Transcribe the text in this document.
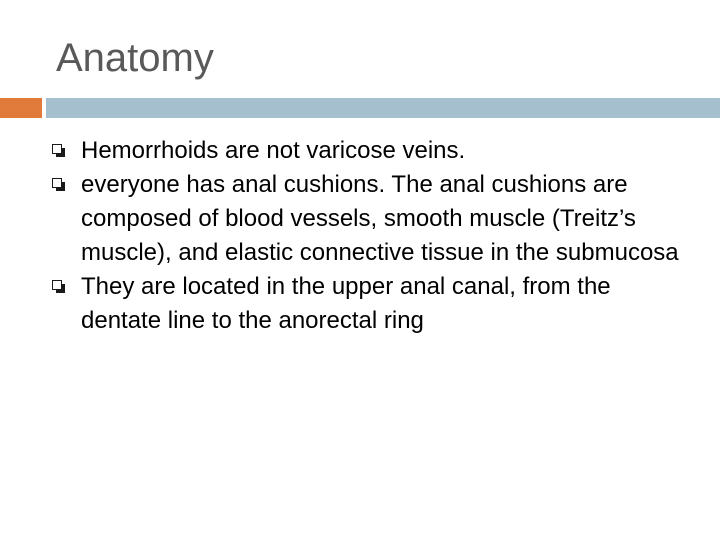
Anatomy
Hemorrhoids are not varicose veins.
everyone has anal cushions. The anal cushions are composed of blood vessels, smooth muscle (Treitz’s muscle), and elastic connective tissue in the submucosa
They are located in the upper anal canal, from the dentate line to the anorectal ring
